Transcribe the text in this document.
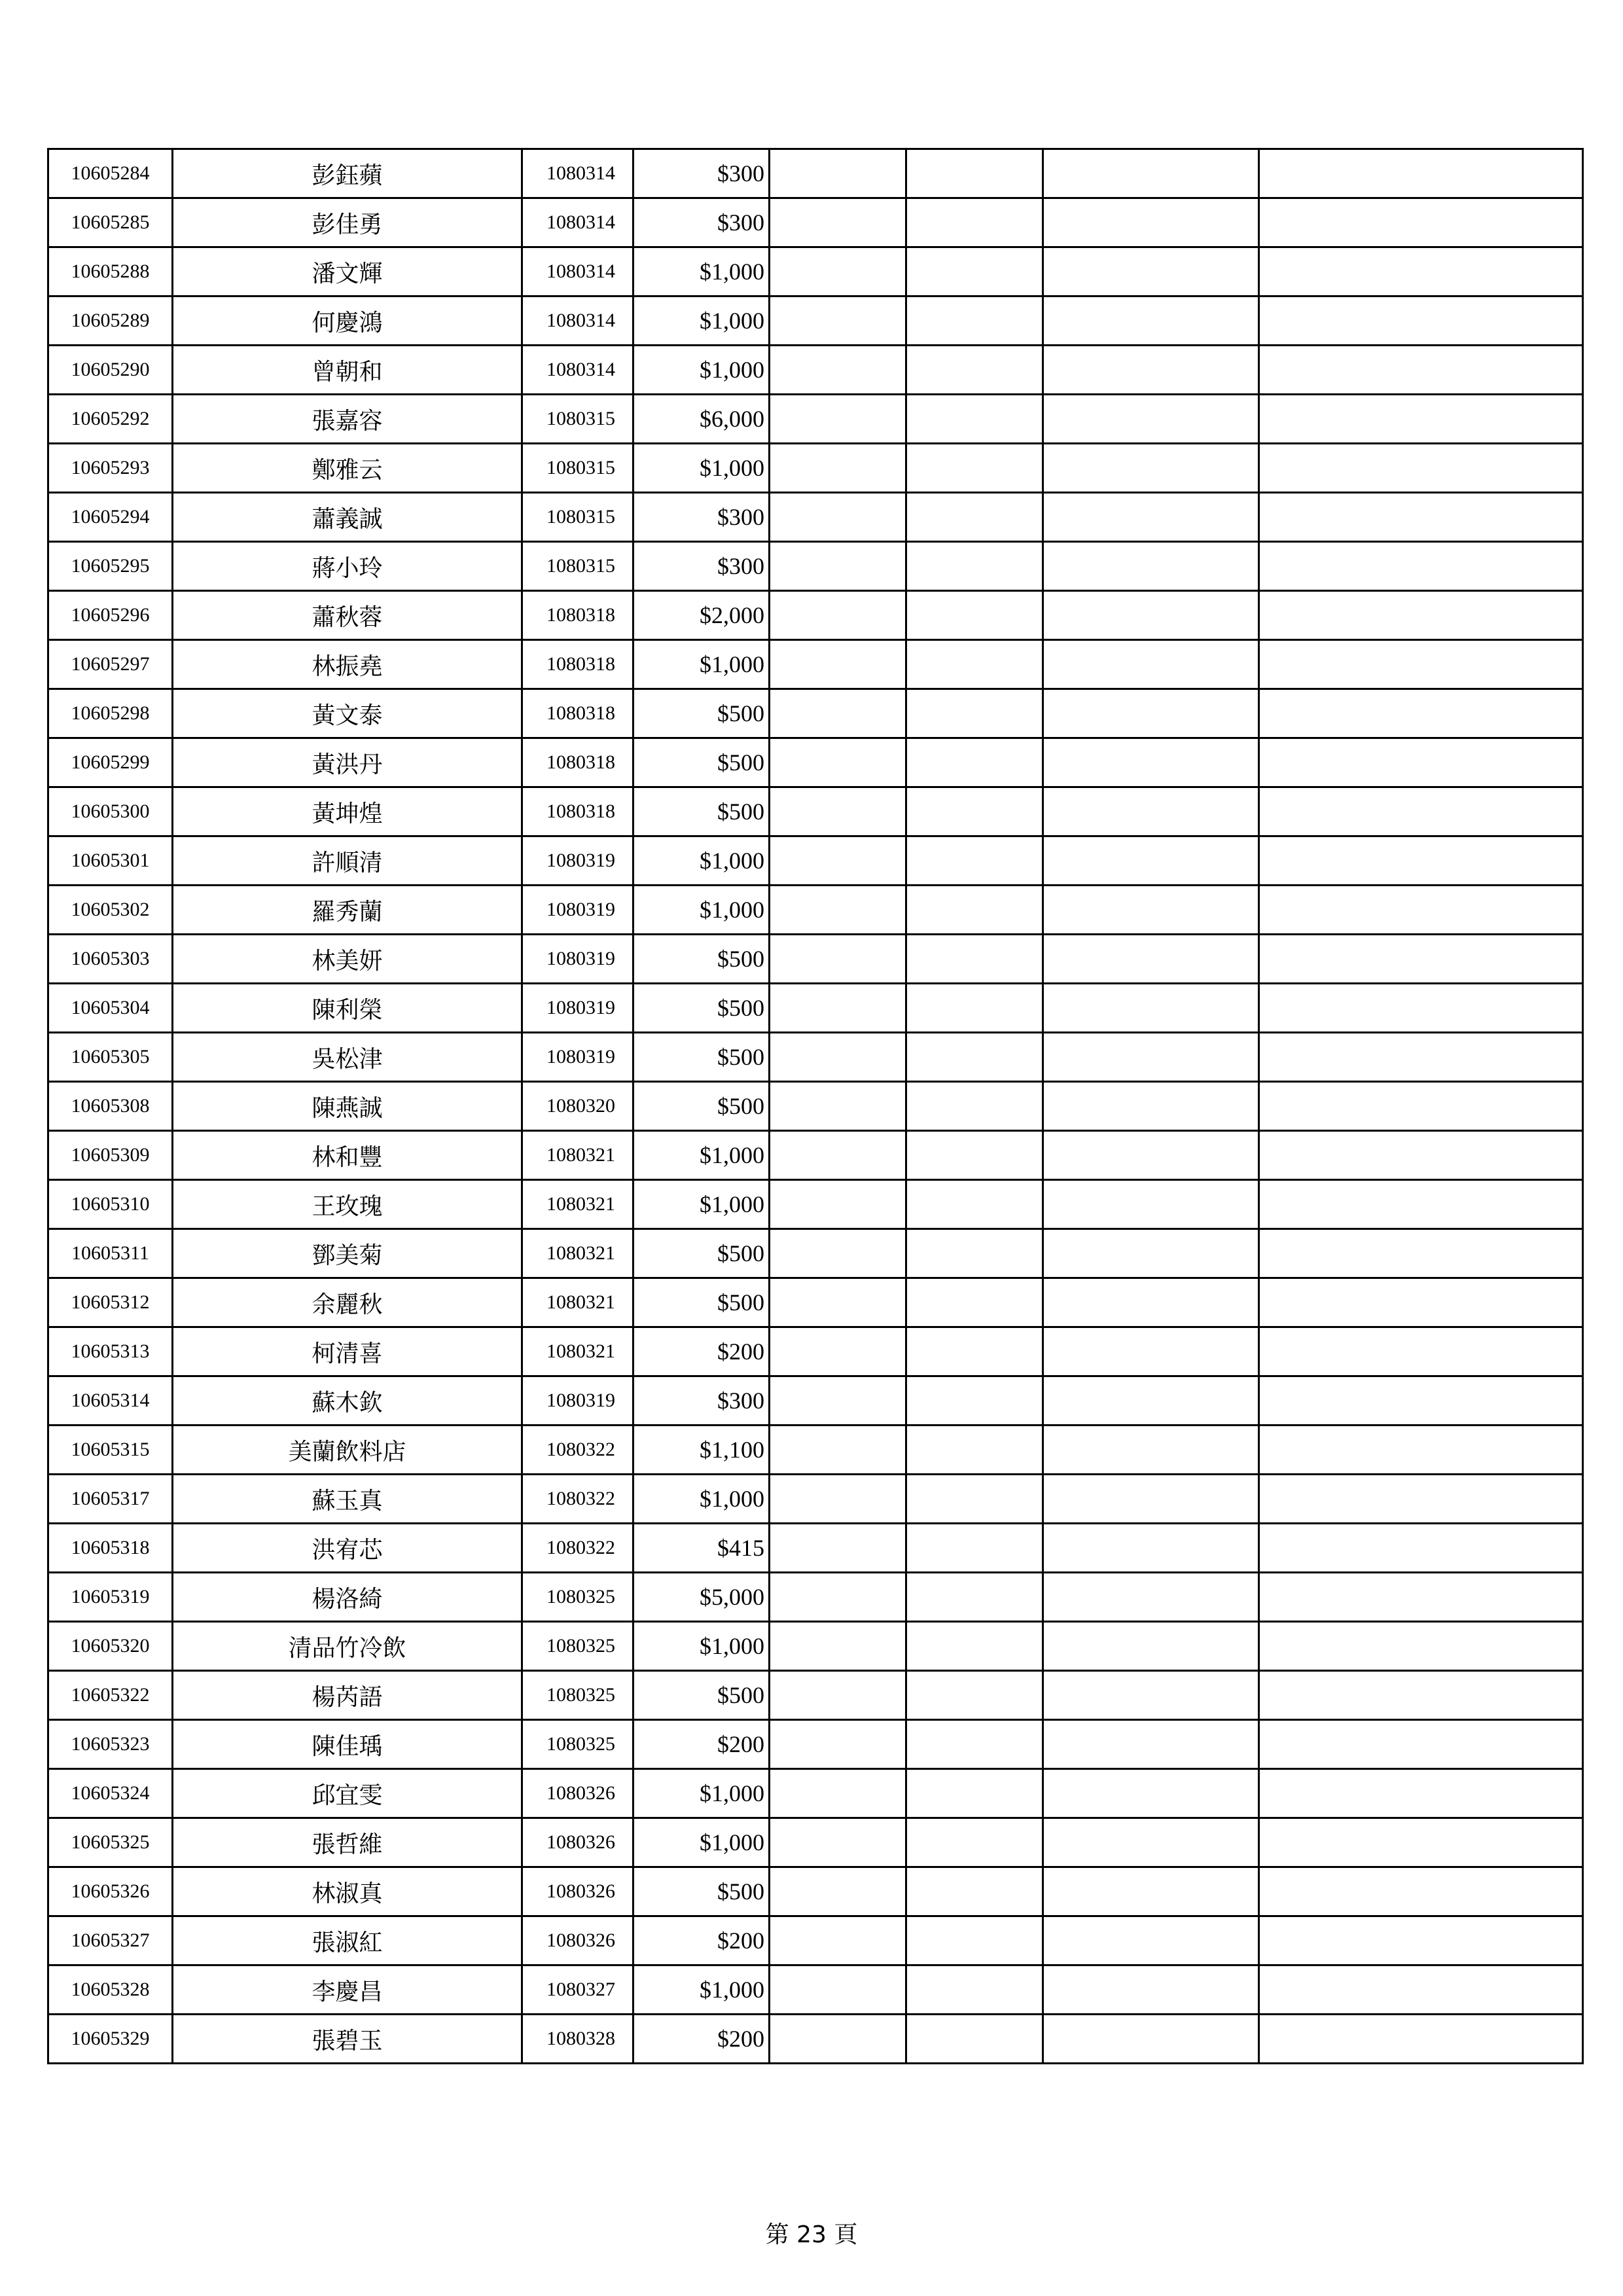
10605284	彭鈺蘋	1080314	$300				
10605285	彭佳勇	1080314	$300				
10605288	潘文輝	1080314	$1,000				
10605289	何慶鴻	1080314	$1,000				
10605290	曾朝和	1080314	$1,000				
10605292	張嘉容	1080315	$6,000				
10605293	鄭雅云	1080315	$1,000				
10605294	蕭義誠	1080315	$300				
10605295	蔣小玲	1080315	$300				
10605296	蕭秋蓉	1080318	$2,000				
10605297	林振堯	1080318	$1,000				
10605298	黃文泰	1080318	$500				
10605299	黃洪丹	1080318	$500				
10605300	黃坤煌	1080318	$500				
10605301	許順清	1080319	$1,000				
10605302	羅秀蘭	1080319	$1,000				
10605303	林美妍	1080319	$500				
10605304	陳利榮	1080319	$500				
10605305	吳松津	1080319	$500				
10605308	陳燕誠	1080320	$500				
10605309	林和豐	1080321	$1,000				
10605310	王玫瑰	1080321	$1,000				
10605311	鄧美菊	1080321	$500				
10605312	余麗秋	1080321	$500				
10605313	柯清喜	1080321	$200				
10605314	蘇木欽	1080319	$300				
10605315	美蘭飲料店	1080322	$1,100				
10605317	蘇玉真	1080322	$1,000				
10605318	洪宥芯	1080322	$415				
10605319	楊洛綺	1080325	$5,000				
10605320	清品竹冷飲	1080325	$1,000				
10605322	楊芮語	1080325	$500				
10605323	陳佳瑀	1080325	$200				
10605324	邱宜雯	1080326	$1,000				
10605325	張哲維	1080326	$1,000				
10605326	林淑真	1080326	$500				
10605327	張淑紅	1080326	$200				
10605328	李慶昌	1080327	$1,000				
10605329	張碧玉	1080328	$200				
第 23 頁
